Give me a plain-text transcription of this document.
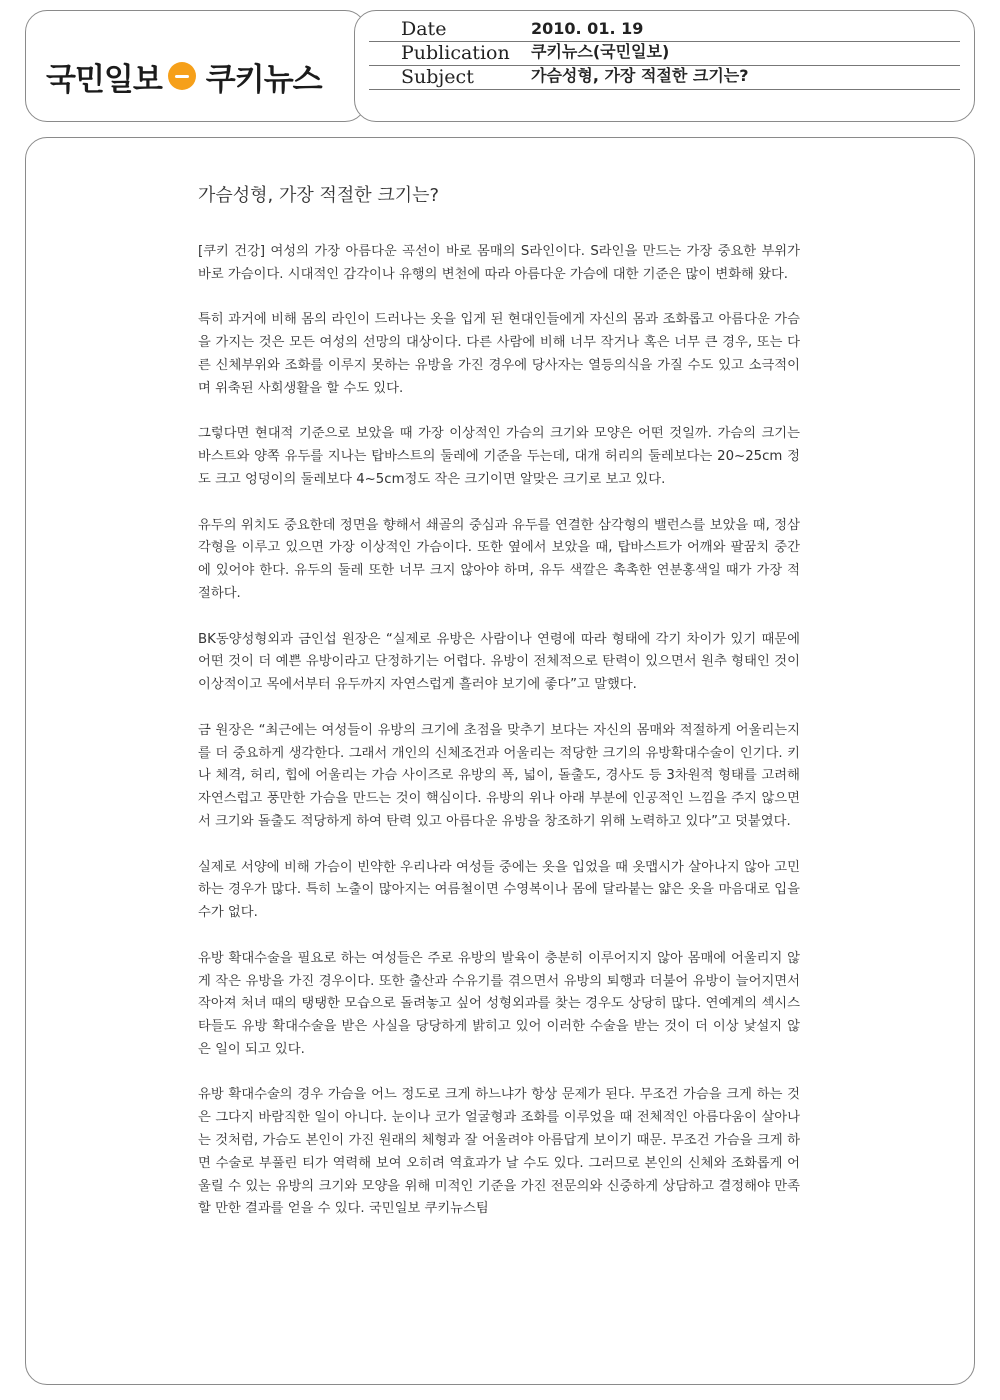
국민일보 쿠키뉴스
Date	2010. 01. 19
Publication 쿠키뉴스(국민일보)
Subject	가슴성형, 가장 적절한 크기는?
가슴성형, 가장 적절한 크기는?

[쿠키 건강] 여성의 가장 아름다운 곡선이 바로 몸매의 S라인이다. S라인을 만드는 가장 중요한 부위가 바로 가슴이다. 시대적인 감각이나 유행의 변천에 따라 아름다운 가슴에 대한 기준은 많이 변화해 왔다.

특히 과거에 비해 몸의 라인이 드러나는 옷을 입게 된 현대인들에게 자신의 몸과 조화롭고 아름다운 가슴을 가지는 것은 모든 여성의 선망의 대상이다. 다른 사람에 비해 너무 작거나 혹은 너무 큰 경우, 또는 다른 신체부위와 조화를 이루지 못하는 유방을 가진 경우에 당사자는 열등의식을 가질 수도 있고 소극적이며 위축된 사회생활을 할 수도 있다.

그렇다면 현대적 기준으로 보았을 때 가장 이상적인 가슴의 크기와 모양은 어떤 것일까. 가슴의 크기는 바스트와 양쪽 유두를 지나는 탑바스트의 둘레에 기준을 두는데, 대개 허리의 둘레보다는 20~25cm 정도 크고 엉덩이의 둘레보다 4~5cm정도 작은 크기이면 알맞은 크기로 보고 있다.

유두의 위치도 중요한데 정면을 향해서 쇄골의 중심과 유두를 연결한 삼각형의 밸런스를 보았을 때, 정삼각형을 이루고 있으면 가장 이상적인 가슴이다. 또한 옆에서 보았을 때, 탑바스트가 어깨와 팔꿈치 중간에 있어야 한다. 유두의 둘레 또한 너무 크지 않아야 하며, 유두 색깔은 촉촉한 연분홍색일 때가 가장 적절하다.

BK동양성형외과 금인섭 원장은 “실제로 유방은 사람이나 연령에 따라 형태에 각기 차이가 있기 때문에 어떤 것이 더 예쁜 유방이라고 단정하기는 어렵다. 유방이 전체적으로 탄력이 있으면서 원추 형태인 것이 이상적이고 목에서부터 유두까지 자연스럽게 흘러야 보기에 좋다”고 말했다.

금 원장은 “최근에는 여성들이 유방의 크기에 초점을 맞추기 보다는 자신의 몸매와 적절하게 어울리는지를 더 중요하게 생각한다. 그래서 개인의 신체조건과 어울리는 적당한 크기의 유방확대수술이 인기다. 키나 체격, 허리, 힙에 어울리는 가슴 사이즈로 유방의 폭, 넓이, 돌출도, 경사도 등 3차원적 형태를 고려해 자연스럽고 풍만한 가슴을 만드는 것이 핵심이다. 유방의 위나 아래 부분에 인공적인 느낌을 주지 않으면서 크기와 돌출도 적당하게 하여 탄력 있고 아름다운 유방을 창조하기 위해 노력하고 있다”고 덧붙였다.

실제로 서양에 비해 가슴이 빈약한 우리나라 여성들 중에는 옷을 입었을 때 옷맵시가 살아나지 않아 고민하는 경우가 많다. 특히 노출이 많아지는 여름철이면 수영복이나 몸에 달라붙는 얇은 옷을 마음대로 입을 수가 없다.

유방 확대수술을 필요로 하는 여성들은 주로 유방의 발육이 충분히 이루어지지 않아 몸매에 어울리지 않게 작은 유방을 가진 경우이다. 또한 출산과 수유기를 겪으면서 유방의 퇴행과 더불어 유방이 늘어지면서 작아져 처녀 때의 탱탱한 모습으로 돌려놓고 싶어 성형외과를 찾는 경우도 상당히 많다. 연예계의 섹시스타들도 유방 확대수술을 받은 사실을 당당하게 밝히고 있어 이러한 수술을 받는 것이 더 이상 낯설지 않은 일이 되고 있다.

유방 확대수술의 경우 가슴을 어느 정도로 크게 하느냐가 항상 문제가 된다. 무조건 가슴을 크게 하는 것은 그다지 바람직한 일이 아니다. 눈이나 코가 얼굴형과 조화를 이루었을 때 전체적인 아름다움이 살아나는 것처럼, 가슴도 본인이 가진 원래의 체형과 잘 어울려야 아름답게 보이기 때문. 무조건 가슴을 크게 하면 수술로 부풀린 티가 역력해 보여 오히려 역효과가 날 수도 있다. 그러므로 본인의 신체와 조화롭게 어울릴 수 있는 유방의 크기와 모양을 위해 미적인 기준을 가진 전문의와 신중하게 상담하고 결정해야 만족할 만한 결과를 얻을 수 있다. 국민일보 쿠키뉴스팀
